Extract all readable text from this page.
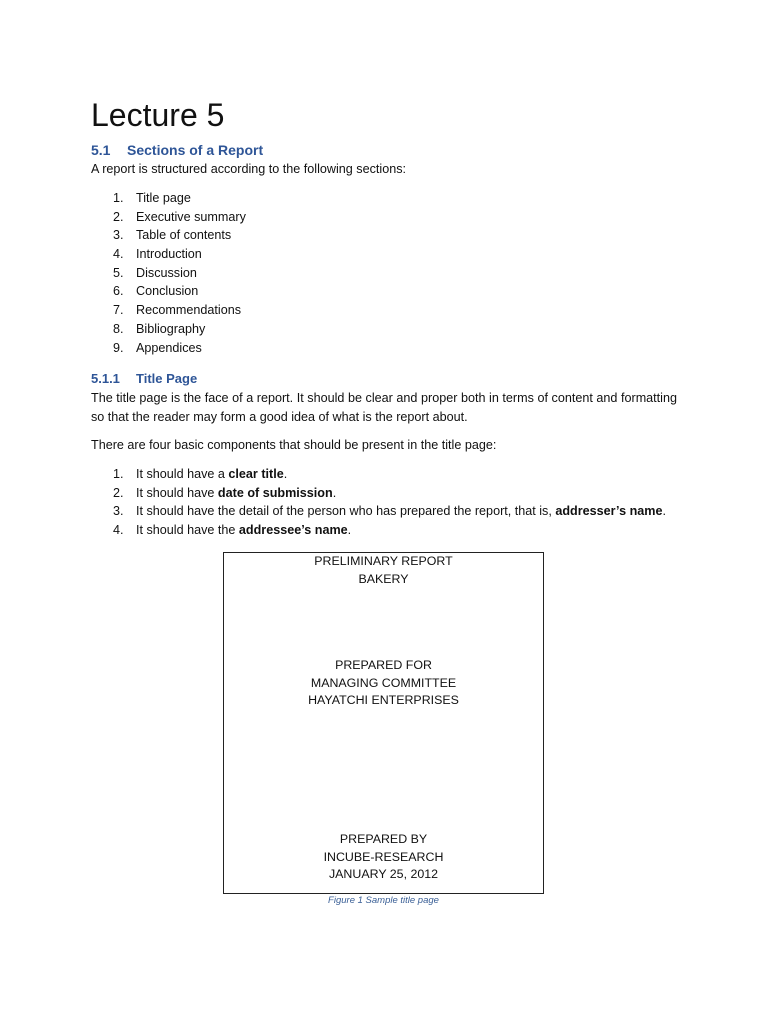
Lecture 5
5.1 Sections of a Report

A report is structured according to the following sections:

1. Title page
2. Executive summary
3. Table of contents
4. Introduction
5. Discussion
6. Conclusion
7. Recommendations
8. Bibliography
9. Appendices
5.1.1 Title Page

The title page is the face of a report. It should be clear and proper both in terms of content and formatting so that the reader may form a good idea of what is the report about.

There are four basic components that should be present in the title page:

1. It should have a clear title.
2. It should have date of submission.
3. It should have the detail of the person who has prepared the report, that is, addresser’s name.
4. It should have the addressee’s name.
PRELIMINARY REPORT
BAKERY
PREPARED FOR
MANAGING COMMITTEE
HAYATCHI ENTERPRISES
PREPARED BY
INCUBE-RESEARCH
JANUARY 25, 2012
Figure 1 Sample title page
